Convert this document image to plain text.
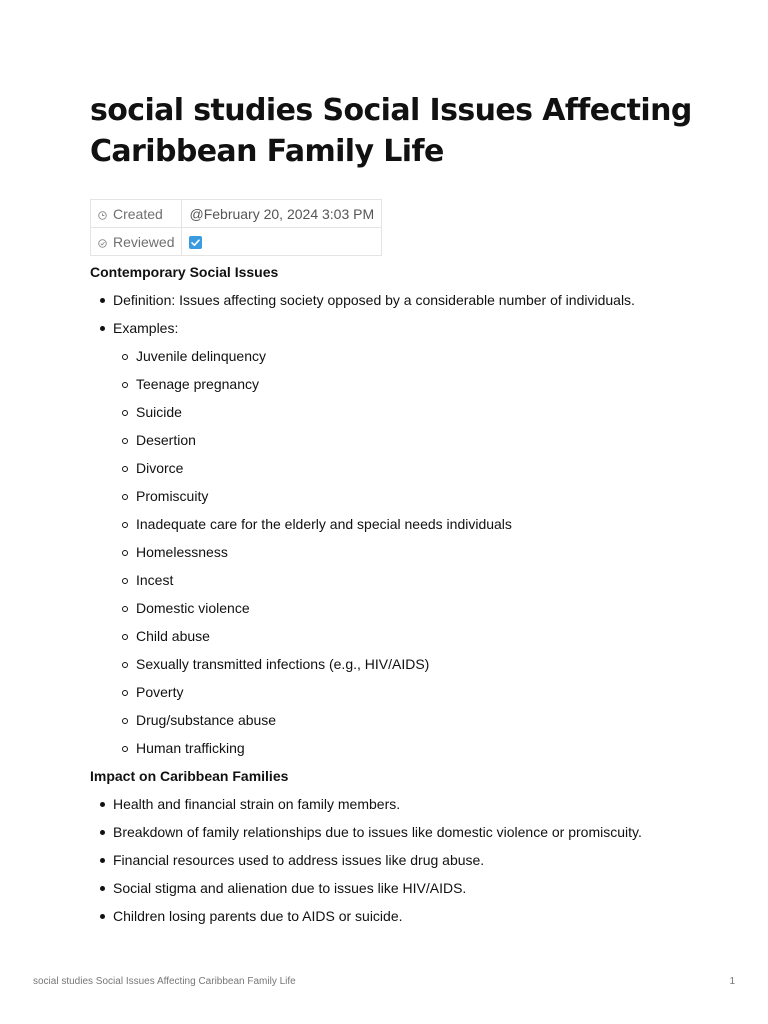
social studies Social Issues Affecting Caribbean Family Life
Created	@February 20, 2024 3:03 PM
Reviewed	
Contemporary Social Issues
Definition: Issues affecting society opposed by a considerable number of individuals.
Examples:
Juvenile delinquency
Teenage pregnancy
Suicide
Desertion
Divorce
Promiscuity
Inadequate care for the elderly and special needs individuals
Homelessness
Incest
Domestic violence
Child abuse
Sexually transmitted infections (e.g., HIV/AIDS)
Poverty
Drug/substance abuse
Human trafficking
Impact on Caribbean Families
Health and financial strain on family members.
Breakdown of family relationships due to issues like domestic violence or promiscuity.
Financial resources used to address issues like drug abuse.
Social stigma and alienation due to issues like HIV/AIDS.
Children losing parents due to AIDS or suicide.
social studies Social Issues Affecting Caribbean Family Life	1
